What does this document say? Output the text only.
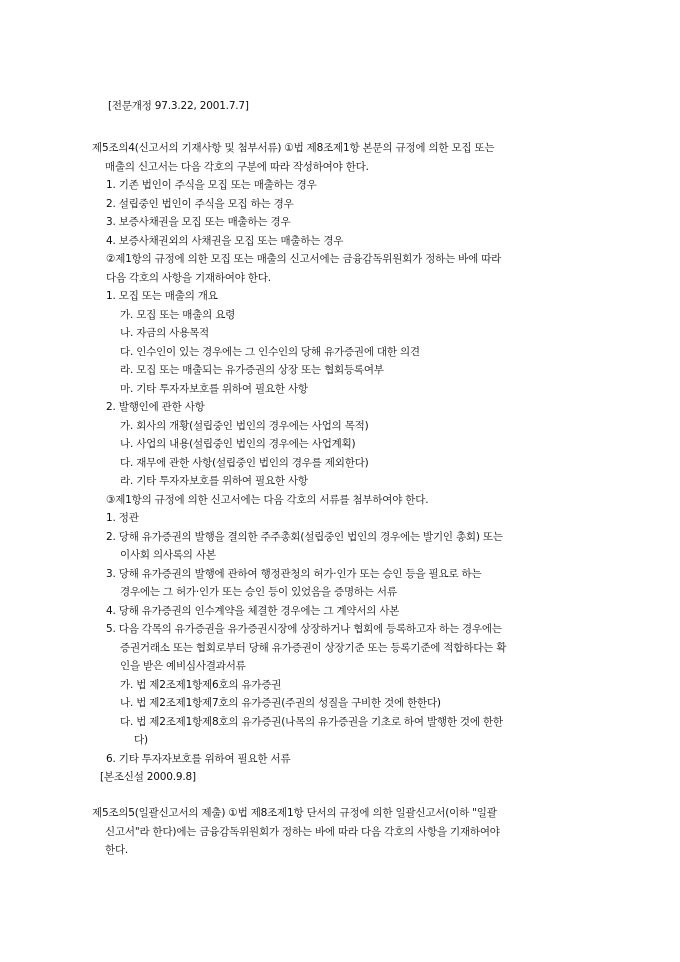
[전문개정 97.3.22, 2001.7.7]
제5조의4(신고서의 기재사항 및 첨부서류) ①법 제8조제1항 본문의 규정에 의한 모집 또는
매출의 신고서는 다음 각호의 구분에 따라 작성하여야 한다.
1. 기존 법인이 주식을 모집 또는 매출하는 경우
2. 설립중인 법인이 주식을 모집 하는 경우
3. 보증사채권을 모집 또는 매출하는 경우
4. 보증사채권외의 사채권을 모집 또는 매출하는 경우
②제1항의 규정에 의한 모집 또는 매출의 신고서에는 금융감독위원회가 정하는 바에 따라
다음 각호의 사항을 기재하여야 한다.
1. 모집 또는 매출의 개요
가. 모집 또는 매출의 요령
나. 자금의 사용목적
다. 인수인이 있는 경우에는 그 인수인의 당해 유가증권에 대한 의견
라. 모집 또는 매출되는 유가증권의 상장 또는 협회등록여부
마. 기타 투자자보호를 위하여 필요한 사항
2. 발행인에 관한 사항
가. 회사의 개황(설립중인 법인의 경우에는 사업의 목적)
나. 사업의 내용(설립중인 법인의 경우에는 사업계획)
다. 재무에 관한 사항(설립중인 법인의 경우를 제외한다)
라. 기타 투자자보호를 위하여 필요한 사항
③제1항의 규정에 의한 신고서에는 다음 각호의 서류를 첨부하여야 한다.
1. 정관
2. 당해 유가증권의 발행을 결의한 주주총회(설립중인 법인의 경우에는 발기인 총회) 또는
이사회 의사록의 사본
3. 당해 유가증권의 발행에 관하여 행정관청의 허가·인가 또는 승인 등을 필요로 하는
경우에는 그 허가·인가 또는 승인 등이 있었음을 증명하는 서류
4. 당해 유가증권의 인수계약을 체결한 경우에는 그 계약서의 사본
5. 다음 각목의 유가증권을 유가증권시장에 상장하거나 협회에 등록하고자 하는 경우에는
증권거래소 또는 협회로부터 당해 유가증권이 상장기준 또는 등록기준에 적합하다는 확
인을 받은 예비심사결과서류
가. 법 제2조제1항제6호의 유가증권
나. 법 제2조제1항제7호의 유가증권(주권의 성질을 구비한 것에 한한다)
다. 법 제2조제1항제8호의 유가증권(나목의 유가증권을 기초로 하여 발행한 것에 한한
다)
6. 기타 투자자보호를 위하여 필요한 서류
[본조신설 2000.9.8]
제5조의5(일괄신고서의 제출) ①법 제8조제1항 단서의 규정에 의한 일괄신고서(이하 "일괄
신고서"라 한다)에는 금융감독위원회가 정하는 바에 따라 다음 각호의 사항을 기재하여야
한다.
